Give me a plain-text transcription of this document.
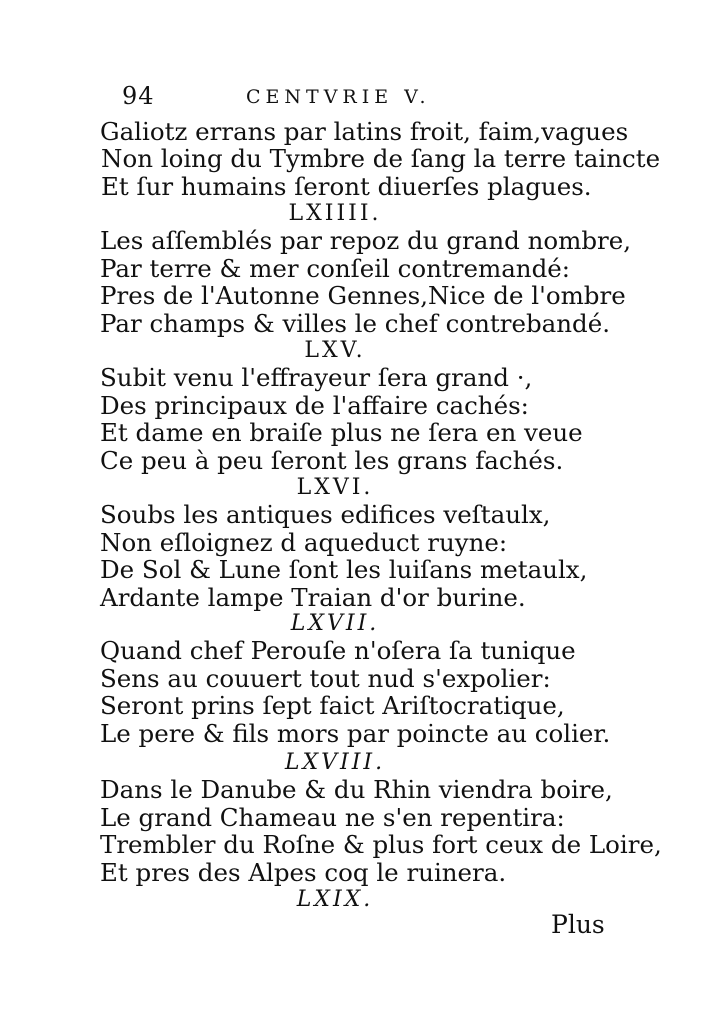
94	CENTVRIE V.
Galiotz errans par latins froit, faim,vagues
Non loing du Tymbre de ſang la terre taincte
Et ſur humains ſeront diuerſes plagues.
LXIIII.
Les aſſemblés par repoz du grand nombre,
Par terre & mer conſeil contremandé:
Pres de l'Autonne Gennes,Nice de l'ombre
Par champs & villes le chef contrebandé.
LXV.
Subit venu l'effrayeur ſera grand ·,
Des principaux de l'affaire cachés:
Et dame en braiſe plus ne ſera en veue
Ce peu à peu ſeront les grans fachés.
LXVI.
Soubs les antiques edifices veſtaulx,
Non eſloignez d aqueduct ruyne:
De Sol & Lune ſont les luiſans metaulx,
Ardante lampe Traian d'or burine.
LXVII.
Quand chef Perouſe n'oſera ſa tunique
Sens au couuert tout nud s'expolier:
Seront prins ſept faict Ariſtocratique,
Le pere & fils mors par poincte au colier.
LXVIII.
Dans le Danube & du Rhin viendra boire,
Le grand Chameau ne s'en repentira:
Trembler du Roſne & plus fort ceux de Loire,
Et pres des Alpes coq le ruinera.
LXIX.
Plus
